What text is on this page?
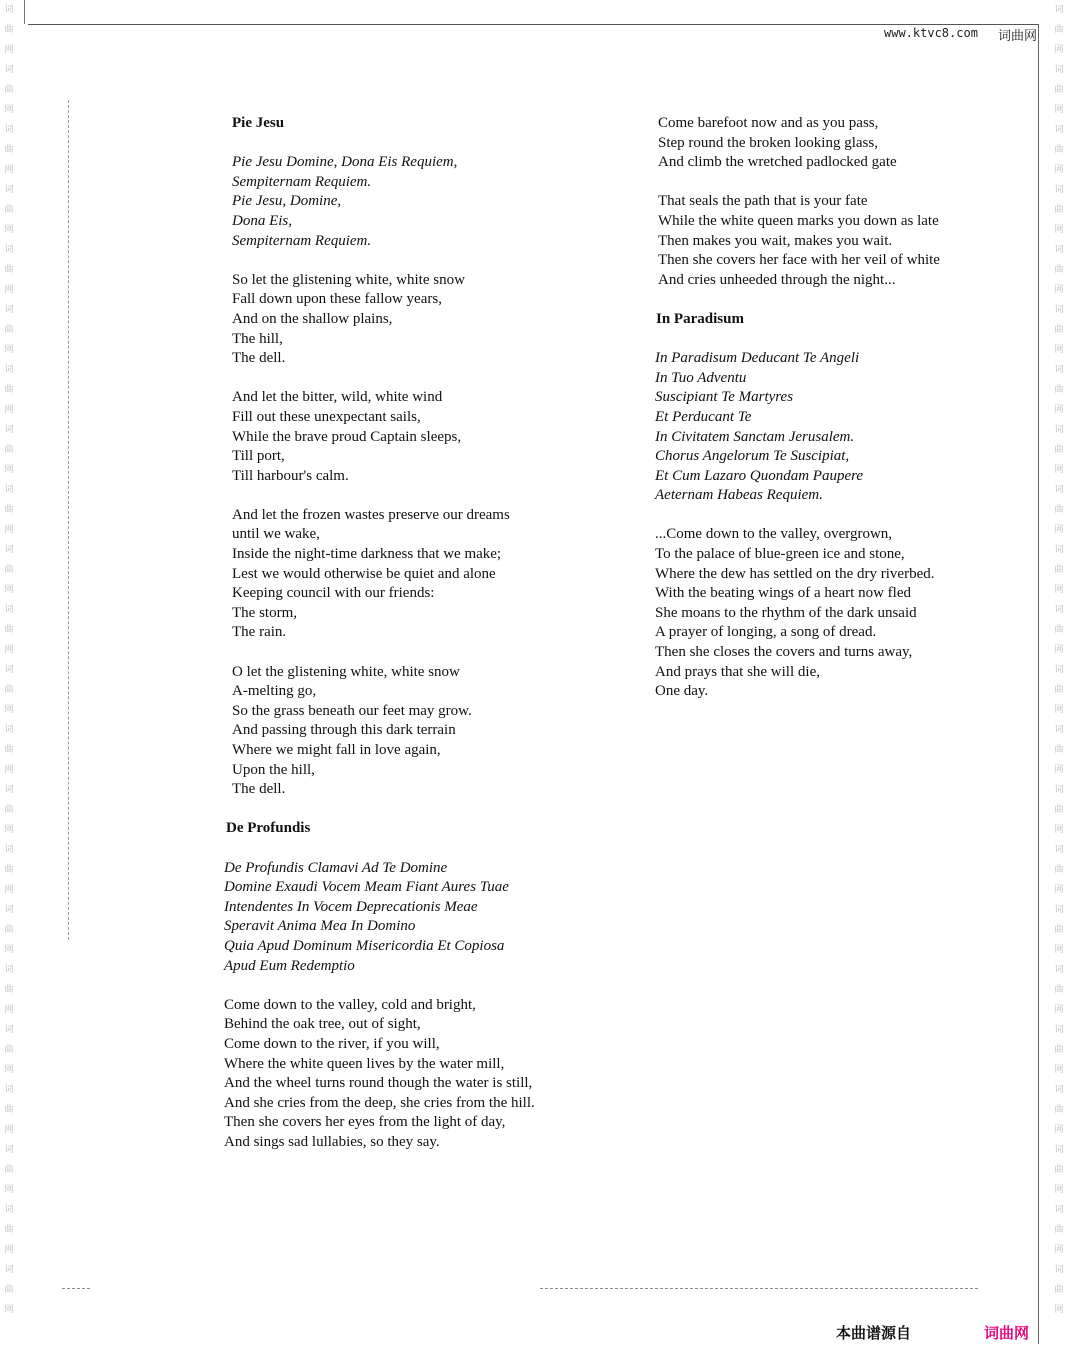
www.ktvc8.com 词曲网
词曲网词曲网词曲网词曲网词曲网词曲网词曲网词曲网词曲网词曲网词曲网词曲网词曲网词曲网词曲网词曲网词曲网词曲网词曲网词曲网词曲网词曲网
词曲网词曲网词曲网词曲网词曲网词曲网词曲网词曲网词曲网词曲网词曲网词曲网词曲网词曲网词曲网词曲网词曲网词曲网词曲网词曲网词曲网词曲网
Pie Jesu
Pie Jesu Domine, Dona Eis Requiem,
Sempiternam Requiem.
Pie Jesu, Domine,
Dona Eis,
Sempiternam Requiem.
So let the glistening white, white snow
Fall down upon these fallow years,
And on the shallow plains,
The hill,
The dell.
And let the bitter, wild, white wind
Fill out these unexpectant sails,
While the brave proud Captain sleeps,
Till port,
Till harbour's calm.
And let the frozen wastes preserve our dreams
until we wake,
Inside the night-time darkness that we make;
Lest we would otherwise be quiet and alone
Keeping council with our friends:
The storm,
The rain.
O let the glistening white, white snow
A-melting go,
So the grass beneath our feet may grow.
And passing through this dark terrain
Where we might fall in love again,
Upon the hill,
The dell.
De Profundis
De Profundis Clamavi Ad Te Domine
Domine Exaudi Vocem Meam Fiant Aures Tuae
Intendentes In Vocem Deprecationis Meae
Speravit Anima Mea In Domino
Quia Apud Dominum Misericordia Et Copiosa
Apud Eum Redemptio
Come down to the valley, cold and bright,
Behind the oak tree, out of sight,
Come down to the river, if you will,
Where the white queen lives by the water mill,
And the wheel turns round though the water is still,
And she cries from the deep, she cries from the hill.
Then she covers her eyes from the light of day,
And sings sad lullabies, so they say.
Come barefoot now and as you pass,
Step round the broken looking glass,
And climb the wretched padlocked gate
That seals the path that is your fate
While the white queen marks you down as late
Then makes you wait, makes you wait.
Then she covers her face with her veil of white
And cries unheeded through the night...
In Paradisum
In Paradisum Deducant Te Angeli
In Tuo Adventu
Suscipiant Te Martyres
Et Perducant Te
In Civitatem Sanctam Jerusalem.
Chorus Angelorum Te Suscipiat,
Et Cum Lazaro Quondam Paupere
Aeternam Habeas Requiem.
...Come down to the valley, overgrown,
To the palace of blue-green ice and stone,
Where the dew has settled on the dry riverbed.
With the beating wings of a heart now fled
She moans to the rhythm of the dark unsaid
A prayer of longing, a song of dread.
Then she closes the covers and turns away,
And prays that she will die,
One day.
本曲谱源自	词曲网
